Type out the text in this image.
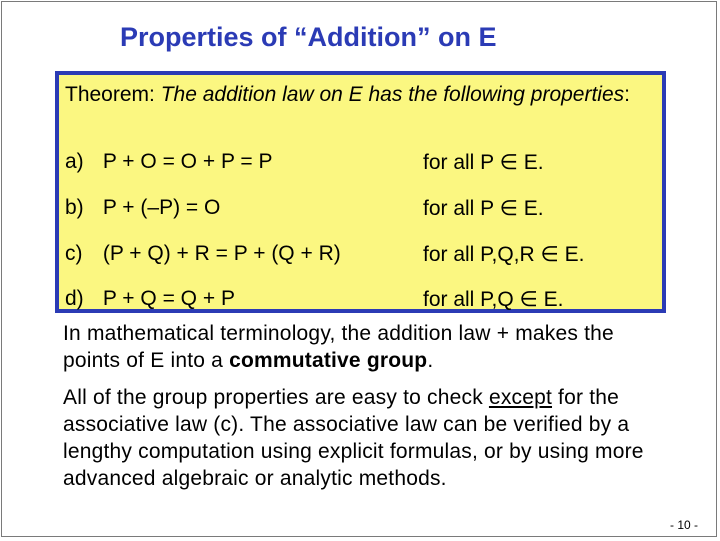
Properties of “Addition” on E
Theorem: The addition law on E has the following properties:
a) P + O = O + P = P	for all P ∈ E.
b) P + (–P) = O	for all P ∈ E.
c) (P + Q) + R = P + (Q + R)	for all P,Q,R ∈ E.
d) P + Q = Q + P	for all P,Q ∈ E.
In mathematical terminology, the addition law + makes the points of E into a commutative group.
All of the group properties are easy to check except for the associative law (c). The associative law can be verified by a lengthy computation using explicit formulas, or by using more advanced algebraic or analytic methods.
- 10 -
